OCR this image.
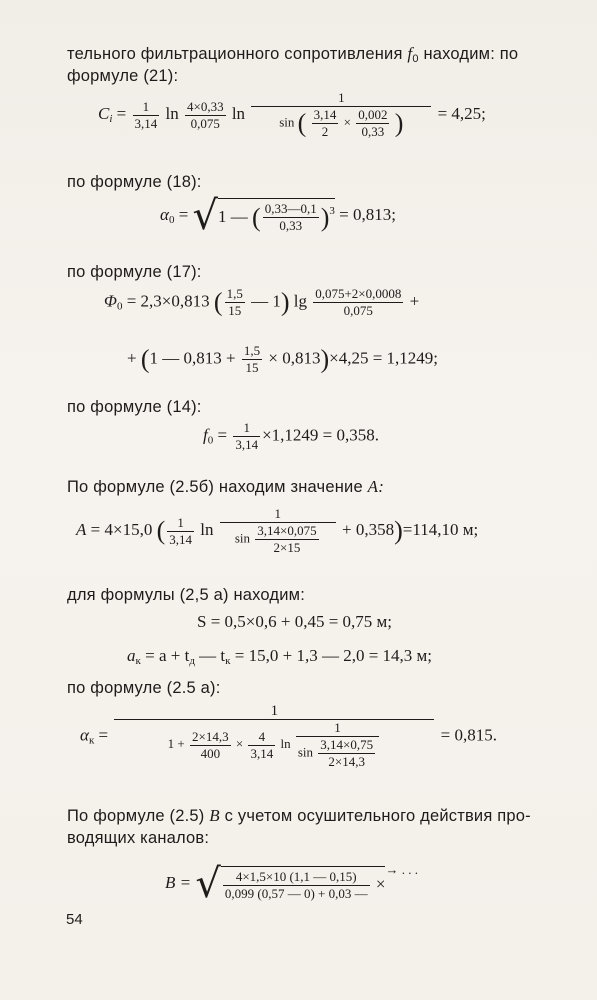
тельного фильтрационного сопротивления $f_0$ находим: по
формуле (21):
$C_i = \frac{1}{3,14}$ $\ln \frac{4\times 0,33}{0,075}$ ln
1
sin ( $\frac{3,14}{2} \times \frac{0,002}{0,33}$ )	= 4,25;
по формуле (18):
$\alpha_0 = √1$ — ( $\frac{0,33—0,1}{0,33} )^3 = 0,813$;
по формуле (17):
$\Phi_0 = 2,3\times 0,813$ ( $\frac{1,5}{15}$ — 1) $\lg \frac{0,075+2\times 0,0008}{0,075}$ +
+ (1 — $0,813 + \frac{1,5}{15} \times 0,813)\times 4,25 = 1,1249$;
по формуле (14):
$f_0 = \frac{1}{3,14} \times 1,1249 = 0,358$.
По формуле (2.5б) находим значение A:
A = 4×15,0 ( $\frac{1}{3,14}$ $\ln \frac{1}{\sin \frac{3,14\times 0,075}{2\times 15}} + 0,358)=114,10$ м;
для формулы (2,5 а) находим:
S = 0,5×0,6 + 0,45 = 0,75 м;
$a_к = a + t_д$ — $t_к = 15,0 + 1,3$ — 2,0 = 14,3 м;
по формуле (2.5 а):
$\alpha_к$ =
1
$1 + \frac{2\times 14,3}{400} \times \frac{4}{3,14}$ $\ln \frac{1}{\sin \frac{3,14\times 0,75}{2\times 14,3}}$	= 0,815.
По формуле (2.5) B с учетом осушительного действия про-
водящих каналов:
B = √ $\frac{4\times 1,5\times 10 (1,1 — 0,15)}{0,099 (0,57 — 0) + 0,03 —} \times^{\to . . .}$
54
